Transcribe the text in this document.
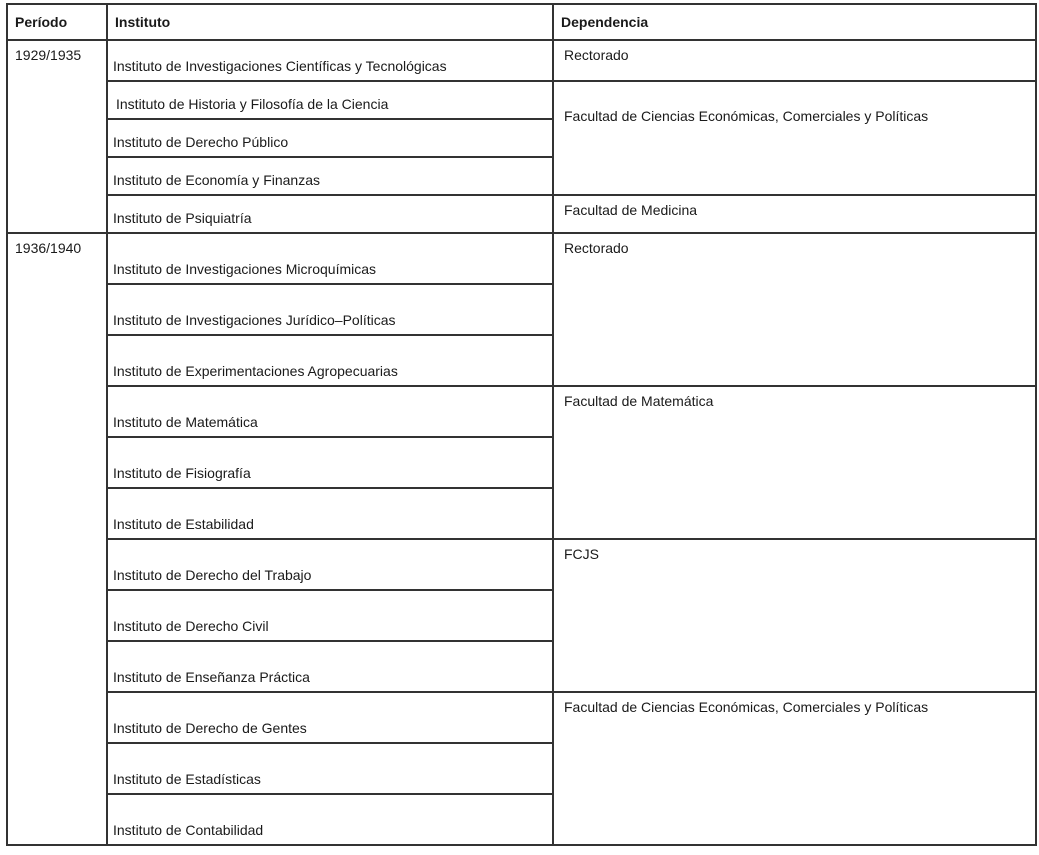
Período	Instituto	Dependencia
1929/1935	Instituto de Investigaciones Científicas y Tecnológicas	Rectorado
	Instituto de Historia y Filosofía de la Ciencia	Facultad de Ciencias Económicas, Comerciales y Políticas
	Instituto de Derecho Público	
	Instituto de Economía y Finanzas	
	Instituto de Psiquiatría	Facultad de Medicina
1936/1940	Instituto de Investigaciones Microquímicas	Rectorado
	Instituto de Investigaciones Jurídico–Políticas	
	Instituto de Experimentaciones Agropecuarias	
	Instituto de Matemática	Facultad de Matemática
	Instituto de Fisiografía	
	Instituto de Estabilidad	
	Instituto de Derecho del Trabajo	FCJS
	Instituto de Derecho Civil	
	Instituto de Enseñanza Práctica	
	Instituto de Derecho de Gentes	Facultad de Ciencias Económicas, Comerciales y Políticas
	Instituto de Estadísticas	
	Instituto de Contabilidad	
